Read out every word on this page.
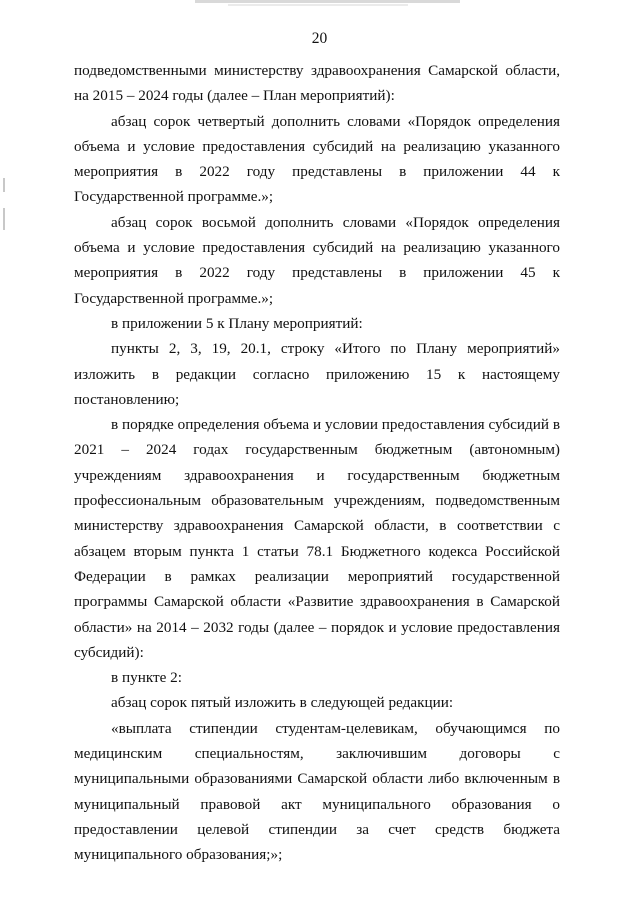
20

подведомственными министерству здравоохранения Самарской области, на 2015 – 2024 годы (далее – План мероприятий):

абзац сорок четвертый дополнить словами «Порядок определения объема и условие предоставления субсидий на реализацию указанного мероприятия в 2022 году представлены в приложении 44 к Государственной программе.»;

абзац сорок восьмой дополнить словами «Порядок определения объема и условие предоставления субсидий на реализацию указанного мероприятия в 2022 году представлены в приложении 45 к Государственной программе.»;

в приложении 5 к Плану мероприятий:

пункты 2, 3, 19, 20.1, строку «Итого по Плану мероприятий» изложить в редакции согласно приложению 15 к настоящему постановлению;

в порядке определения объема и условии предоставления субсидий в 2021 – 2024 годах государственным бюджетным (автономным) учреждениям здравоохранения и государственным бюджетным профессиональным образовательным учреждениям, подведомственным министерству здравоохранения Самарской области, в соответствии с абзацем вторым пункта 1 статьи 78.1 Бюджетного кодекса Российской Федерации в рамках реализации мероприятий государственной программы Самарской области «Развитие здравоохранения в Самарской области» на 2014 – 2032 годы (далее – порядок и условие предоставления субсидий):

в пункте 2:

абзац сорок пятый изложить в следующей редакции:

«выплата стипендии студентам-целевикам, обучающимся по медицинским специальностям, заключившим договоры с муниципальными образованиями Самарской области либо включенным в муниципальный правовой акт муниципального образования о предоставлении целевой стипендии за счет средств бюджета муниципального образования;»;
